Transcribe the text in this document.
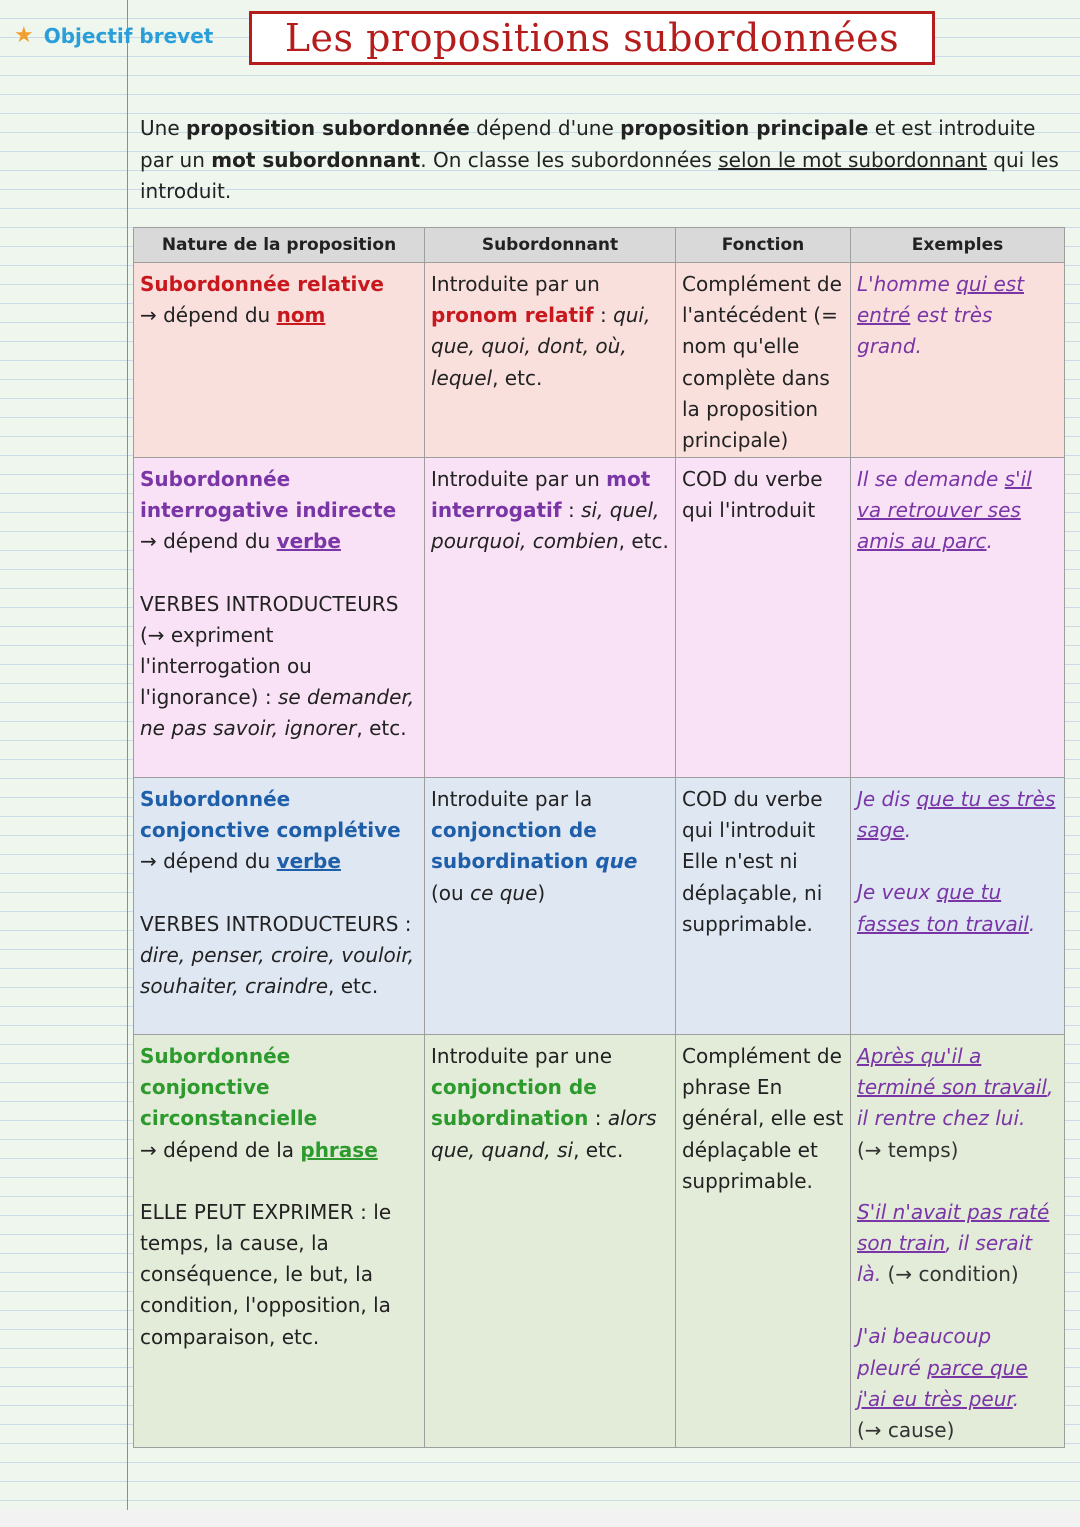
★ Objectif brevet Les propositions subordonnées
Une proposition subordonnée dépend d'une proposition principale et est introduite par un mot subordonnant. On classe les subordonnées selon le mot subordonnant qui les introduit.
Nature de la proposition	Subordonnant	Fonction	Exemples
Subordonnée relative
→ dépend du nom	Introduite par un pronom relatif : qui, que, quoi, dont, où, lequel, etc.	Complément de l'antécédent (= nom qu'elle complète dans la proposition principale)	L'homme qui est entré est très grand.
Subordonnée interrogative indirecte
→ dépend du verbe
VERBES INTRODUCTEURS (→ expriment l'interrogation ou l'ignorance) : se demander, ne pas savoir, ignorer, etc.	Introduite par un mot interrogatif : si, quel, pourquoi, combien, etc.	COD du verbe qui l'introduit	Il se demande s'il va retrouver ses amis au parc.
Subordonnée conjonctive complétive
→ dépend du verbe
VERBES INTRODUCTEURS : dire, penser, croire, vouloir, souhaiter, craindre, etc.	Introduite par la conjonction de subordination que (ou ce que)	COD du verbe qui l'introduit Elle n'est ni déplaçable, ni supprimable.	Je dis que tu es très sage.
Je veux que tu fasses ton travail.
Subordonnée conjonctive circonstancielle
→ dépend de la phrase
ELLE PEUT EXPRIMER : le temps, la cause, la conséquence, le but, la condition, l'opposition, la comparaison, etc.	Introduite par une conjonction de subordination : alors que, quand, si, etc.	Complément de phrase En général, elle est déplaçable et supprimable.	Après qu'il a terminé son travail, il rentre chez lui.
(→ temps)
S'il n'avait pas raté son train, il serait là. (→ condition)
J'ai beaucoup pleuré parce que j'ai eu très peur.
(→ cause)
